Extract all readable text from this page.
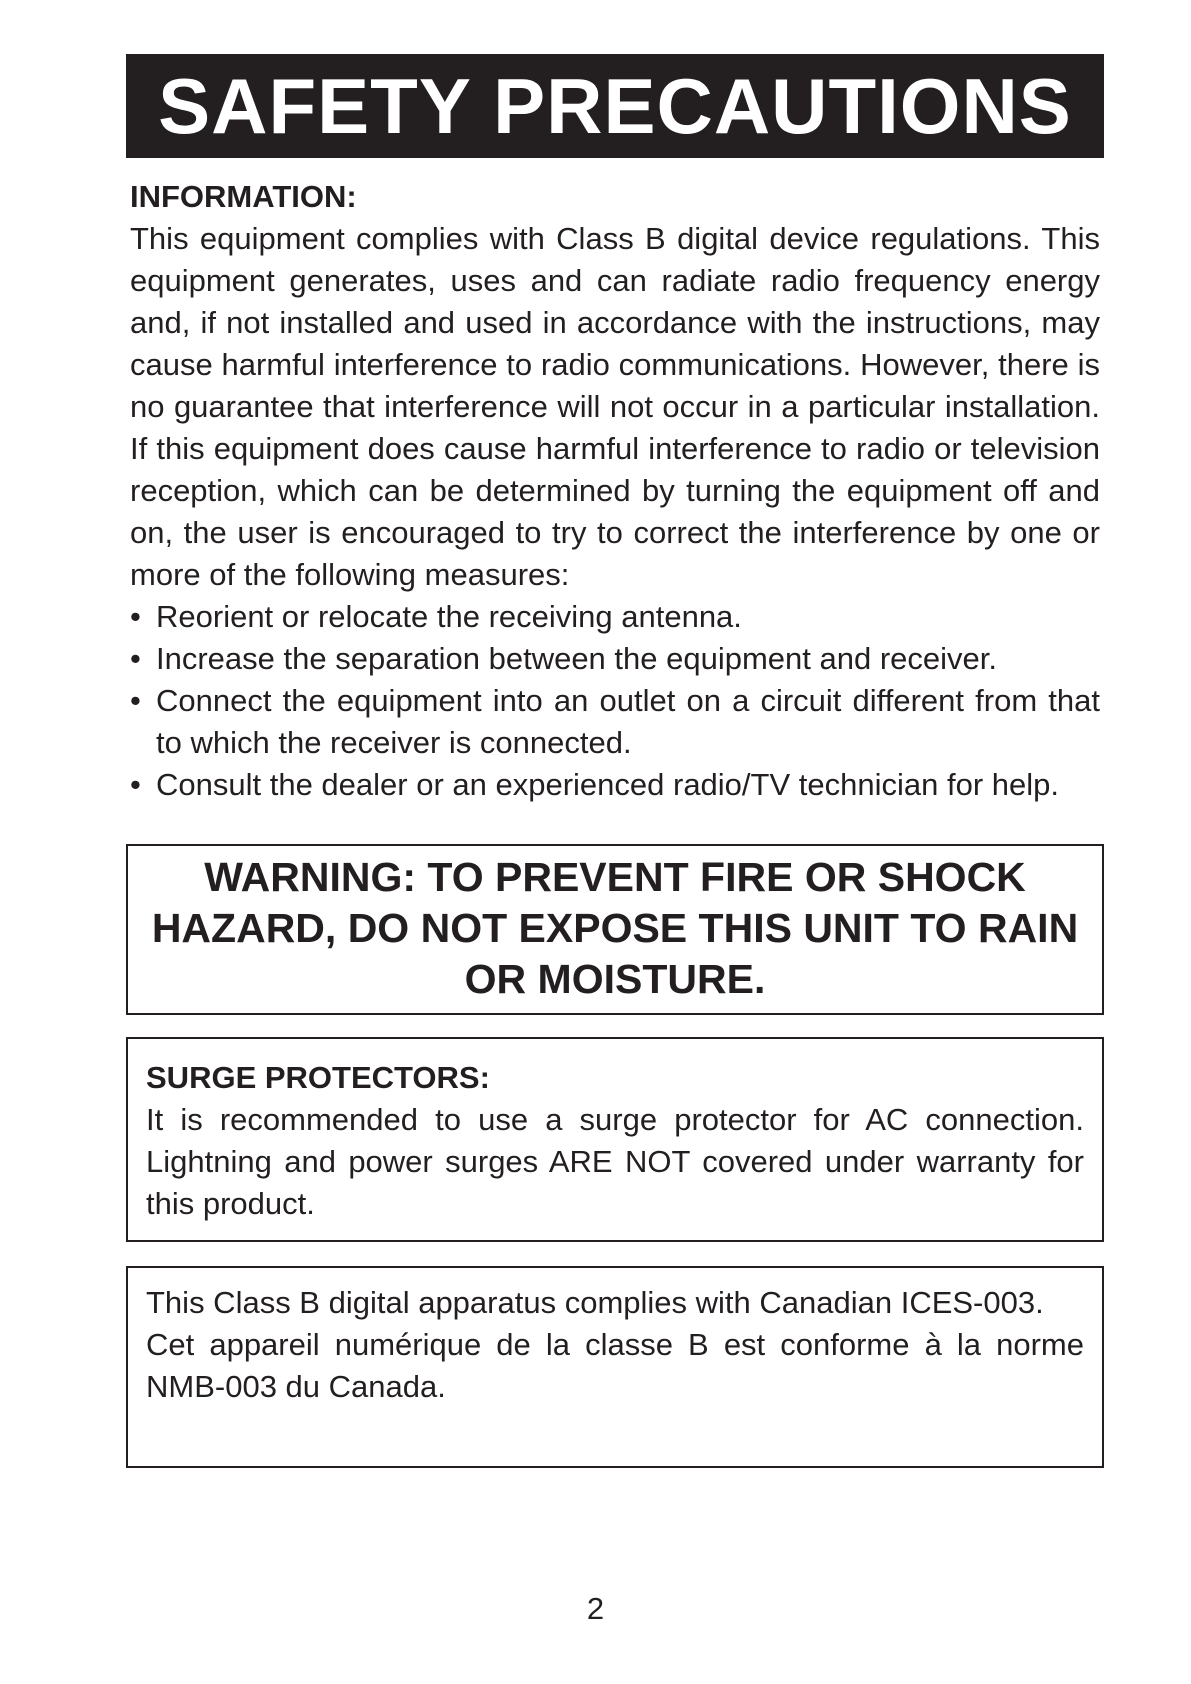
SAFETY PRECAUTIONS
INFORMATION:

This equipment complies with Class B digital device regulations. This equipment generates, uses and can radiate radio frequency energy and, if not installed and used in accordance with the instructions, may cause harmful interference to radio communications. However, there is no guarantee that interference will not occur in a particular installation. If this equipment does cause harmful interference to radio or television reception, which can be determined by turning the equipment off and on, the user is encouraged to try to correct the interference by one or more of the following measures:

• Reorient or relocate the receiving antenna.
• Increase the separation between the equipment and receiver.
• Connect the equipment into an outlet on a circuit different from that to which the receiver is connected.
• Consult the dealer or an experienced radio/TV technician for help.
WARNING: TO PREVENT FIRE OR SHOCK
HAZARD, DO NOT EXPOSE THIS UNIT TO RAIN
OR MOISTURE.
SURGE PROTECTORS:
It is recommended to use a surge protector for AC connection. Lightning and power surges ARE NOT covered under warranty for this product.
This Class B digital apparatus complies with Canadian ICES-003.
Cet appareil numérique de la classe B est conforme à la norme NMB-003 du Canada.
2
